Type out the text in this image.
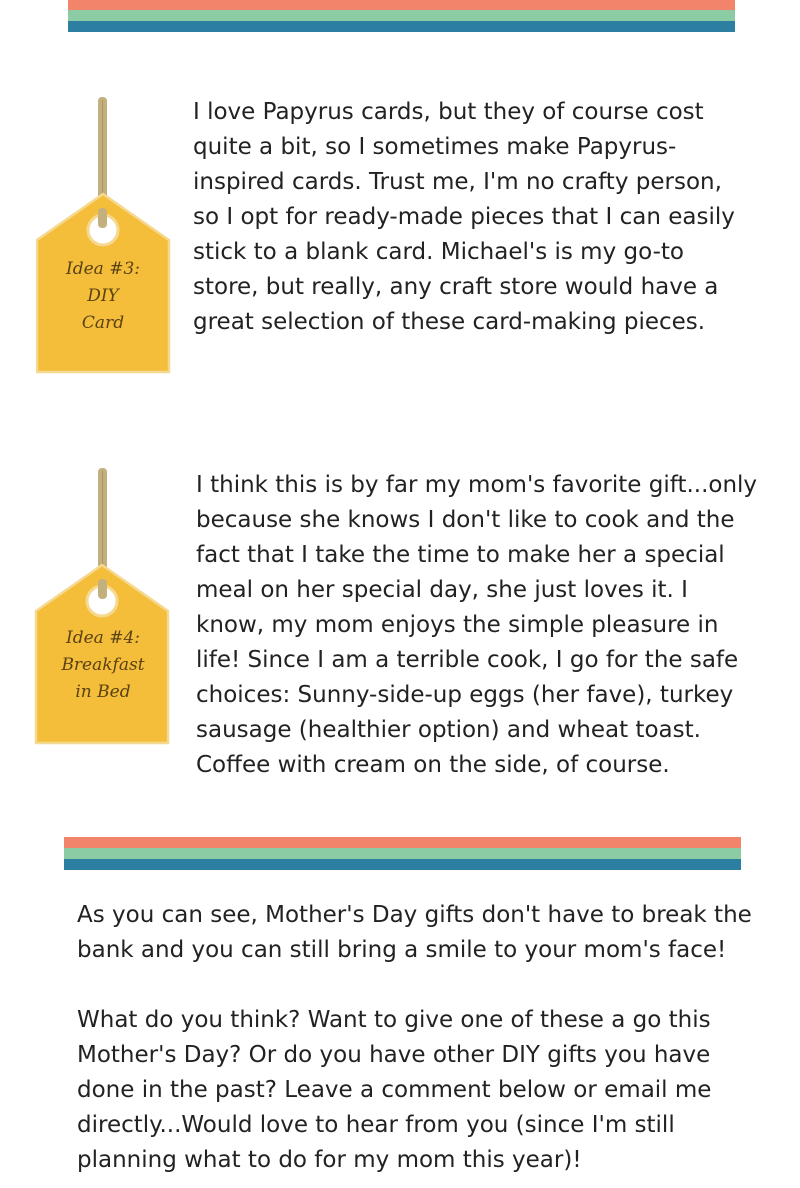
Idea #3:
DIY
Card
I love Papyrus cards, but they of course cost
quite a bit, so I sometimes make Papyrus-
inspired cards. Trust me, I'm no crafty person,
so I opt for ready-made pieces that I can easily
stick to a blank card. Michael's is my go-to
store, but really, any craft store would have a
great selection of these card-making pieces.
Idea #4:
Breakfast
in Bed
I think this is by far my mom's favorite gift...only
because she knows I don't like to cook and the
fact that I take the time to make her a special
meal on her special day, she just loves it. I
know, my mom enjoys the simple pleasure in
life! Since I am a terrible cook, I go for the safe
choices: Sunny-side-up eggs (her fave), turkey
sausage (healthier option) and wheat toast.
Coffee with cream on the side, of course.
As you can see, Mother's Day gifts don't have to break the
bank and you can still bring a smile to your mom's face!
What do you think? Want to give one of these a go this
Mother's Day? Or do you have other DIY gifts you have
done in the past? Leave a comment below or email me
directly...Would love to hear from you (since I'm still
planning what to do for my mom this year)!
